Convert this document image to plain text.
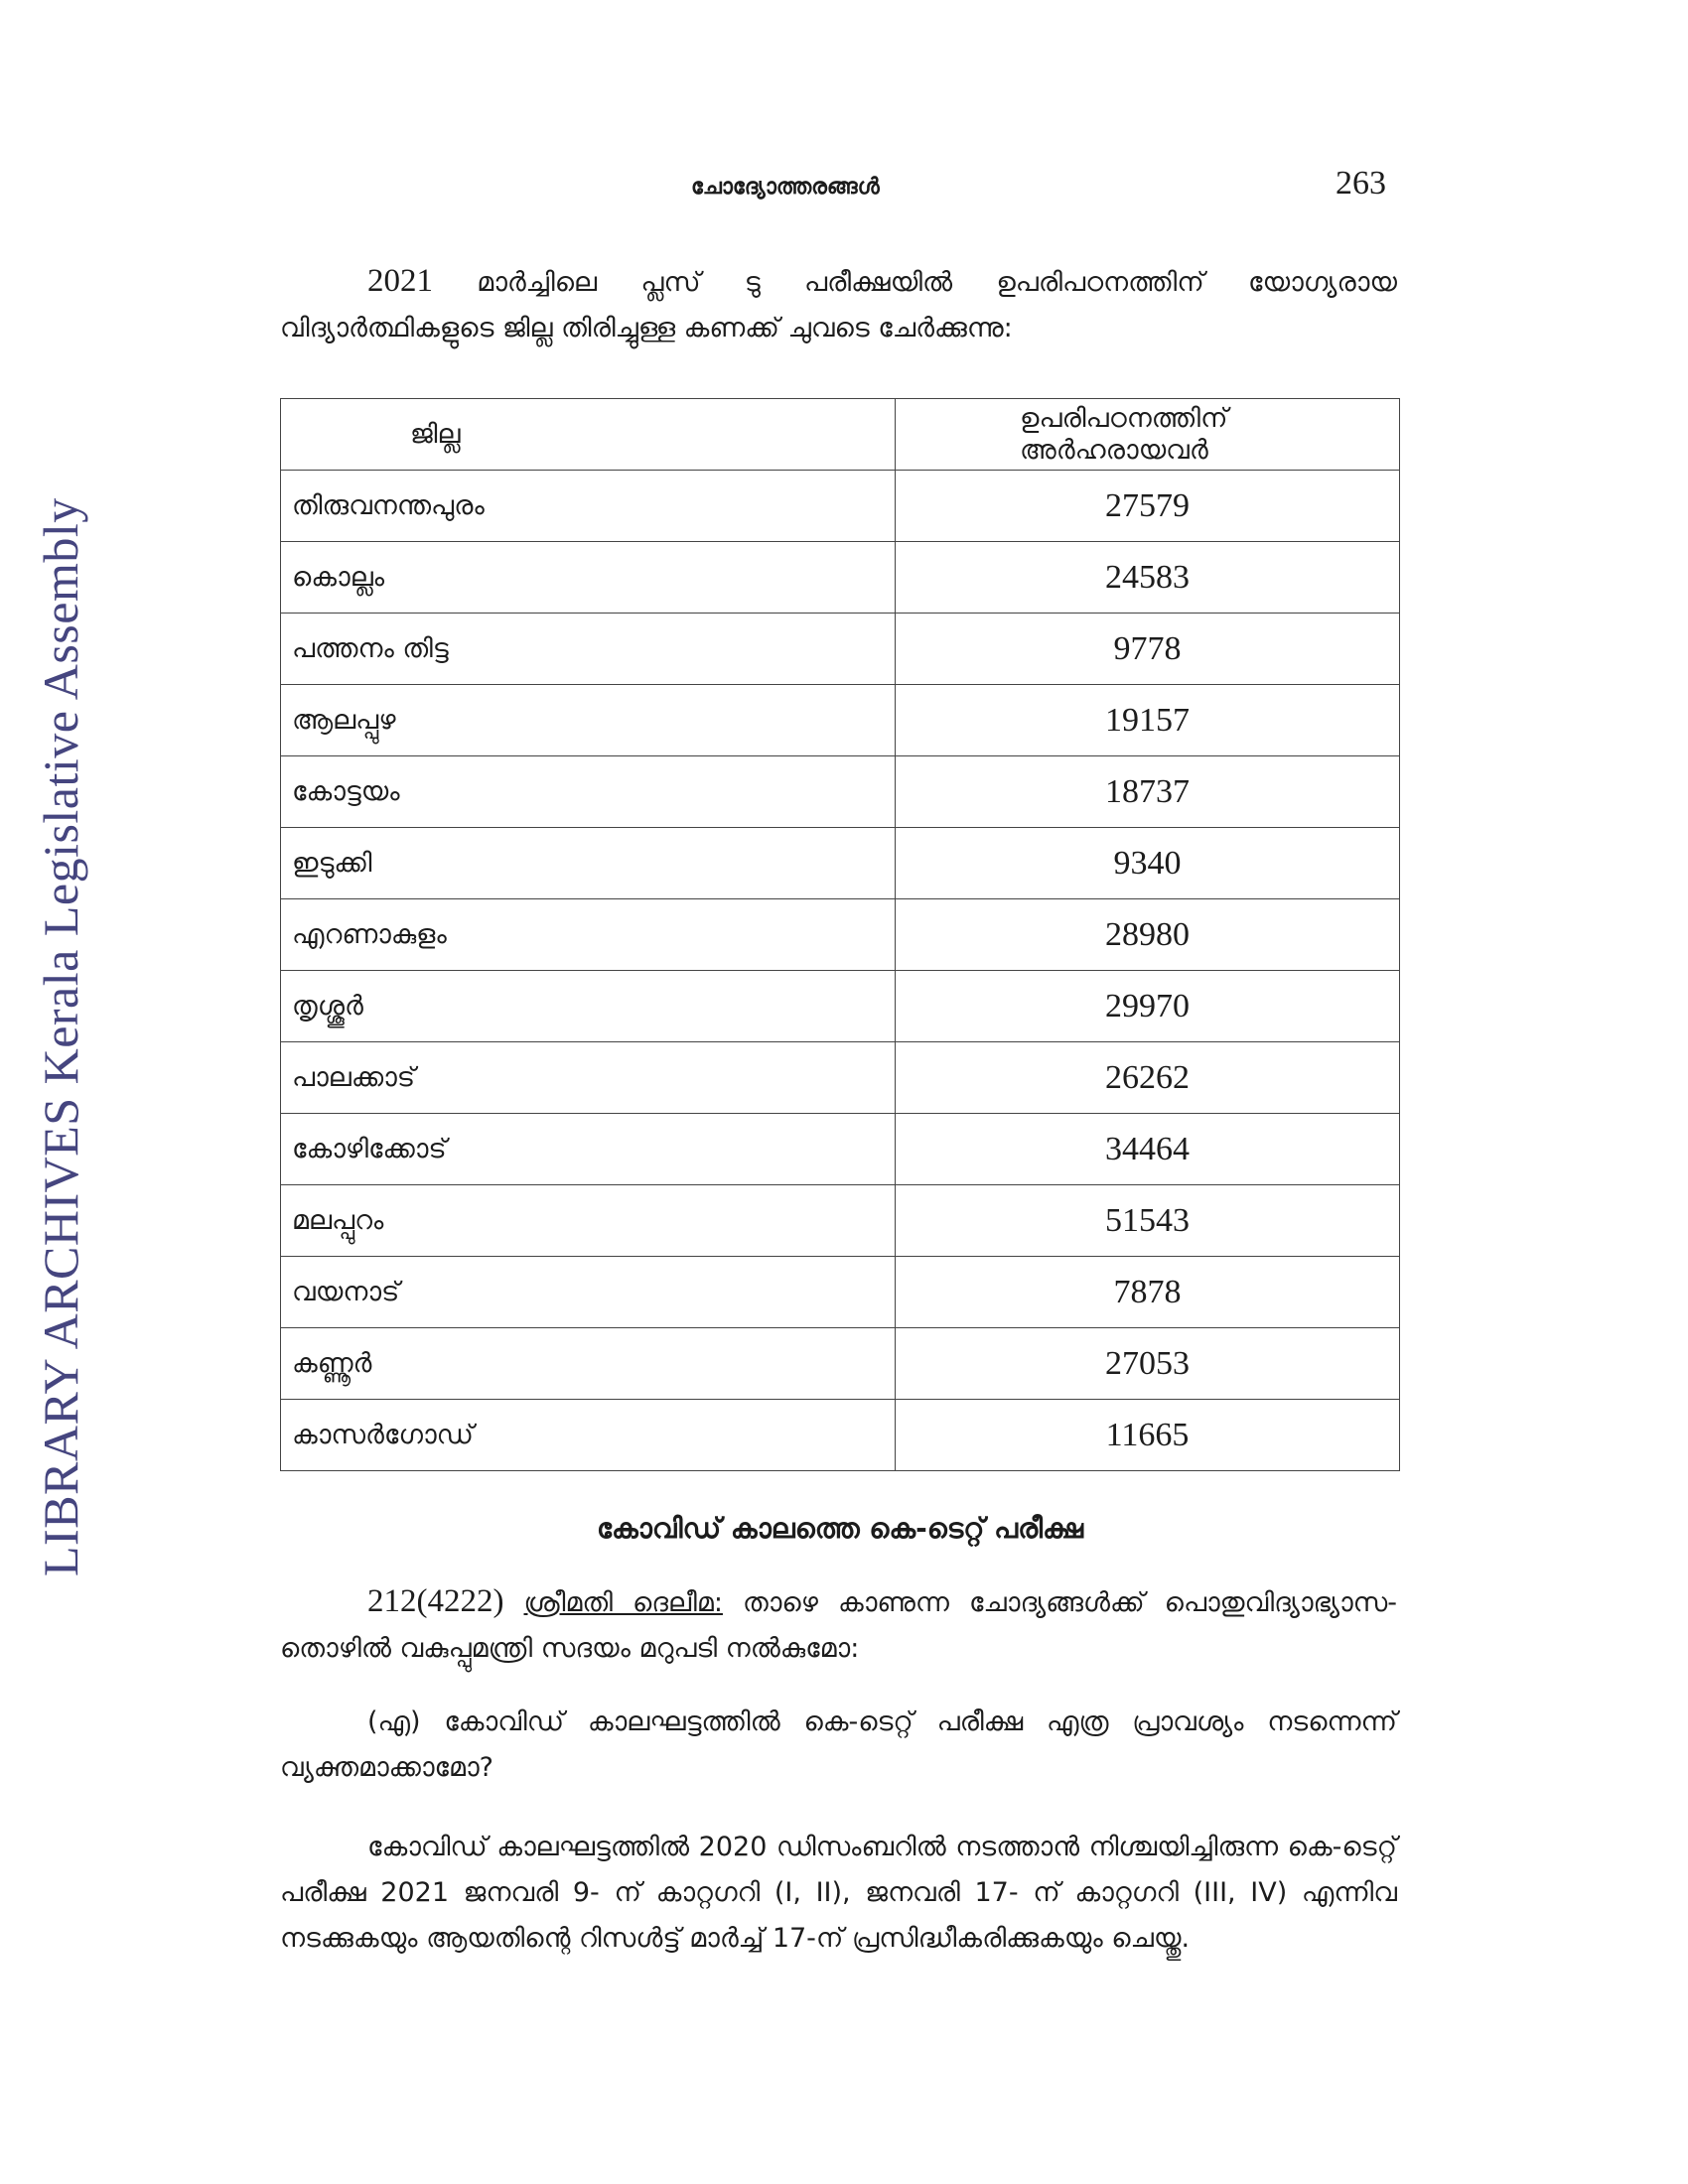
ചോദ്യോത്തരങ്ങൾ	263
LIBRARY ARCHIVES Kerala Legislative Assembly

2021 മാർച്ചിലെ പ്ലസ് ടു പരീക്ഷയിൽ ഉപരിപഠനത്തിന് യോഗ്യരായ വിദ്യാർത്ഥികളുടെ ജില്ല തിരിച്ചുള്ള കണക്ക് ചുവടെ ചേർക്കുന്നു:

ജില്ല	ഉപരിപഠനത്തിന് അർഹരായവർ
തിരുവനന്തപുരം	27579
കൊല്ലം	24583
പത്തനം തിട്ട	9778
ആലപ്പുഴ	19157
കോട്ടയം	18737
ഇടുക്കി	9340
എറണാകുളം	28980
തൃശ്ശൂർ	29970
പാലക്കാട്	26262
കോഴിക്കോട്	34464
മലപ്പുറം	51543
വയനാട്	7878
കണ്ണൂർ	27053
കാസർഗോഡ്	11665
കോവിഡ് കാലത്തെ കെ-ടെറ്റ് പരീക്ഷ

212(4222) ശ്രീമതി ദെലീമ: താഴെ കാണുന്ന ചോദ്യങ്ങൾക്ക് പൊതുവിദ്യാഭ്യാസ-തൊഴിൽ വകുപ്പുമന്ത്രി സദയം മറുപടി നൽകുമോ:

(എ) കോവിഡ് കാലഘട്ടത്തിൽ കെ-ടെറ്റ് പരീക്ഷ എത്ര പ്രാവശ്യം നടന്നെന്ന് വ്യക്തമാക്കാമോ?

കോവിഡ് കാലഘട്ടത്തിൽ 2020 ഡിസംബറിൽ നടത്താൻ നിശ്ചയിച്ചിരുന്ന കെ-ടെറ്റ് പരീക്ഷ 2021 ജനവരി 9- ന് കാറ്റഗറി (I, II), ജനവരി 17- ന് കാറ്റഗറി (III, IV) എന്നിവ നടക്കുകയും ആയതിന്റെ റിസൾട്ട് മാർച്ച് 17-ന് പ്രസിദ്ധീകരിക്കുകയും ചെയ്തു.
